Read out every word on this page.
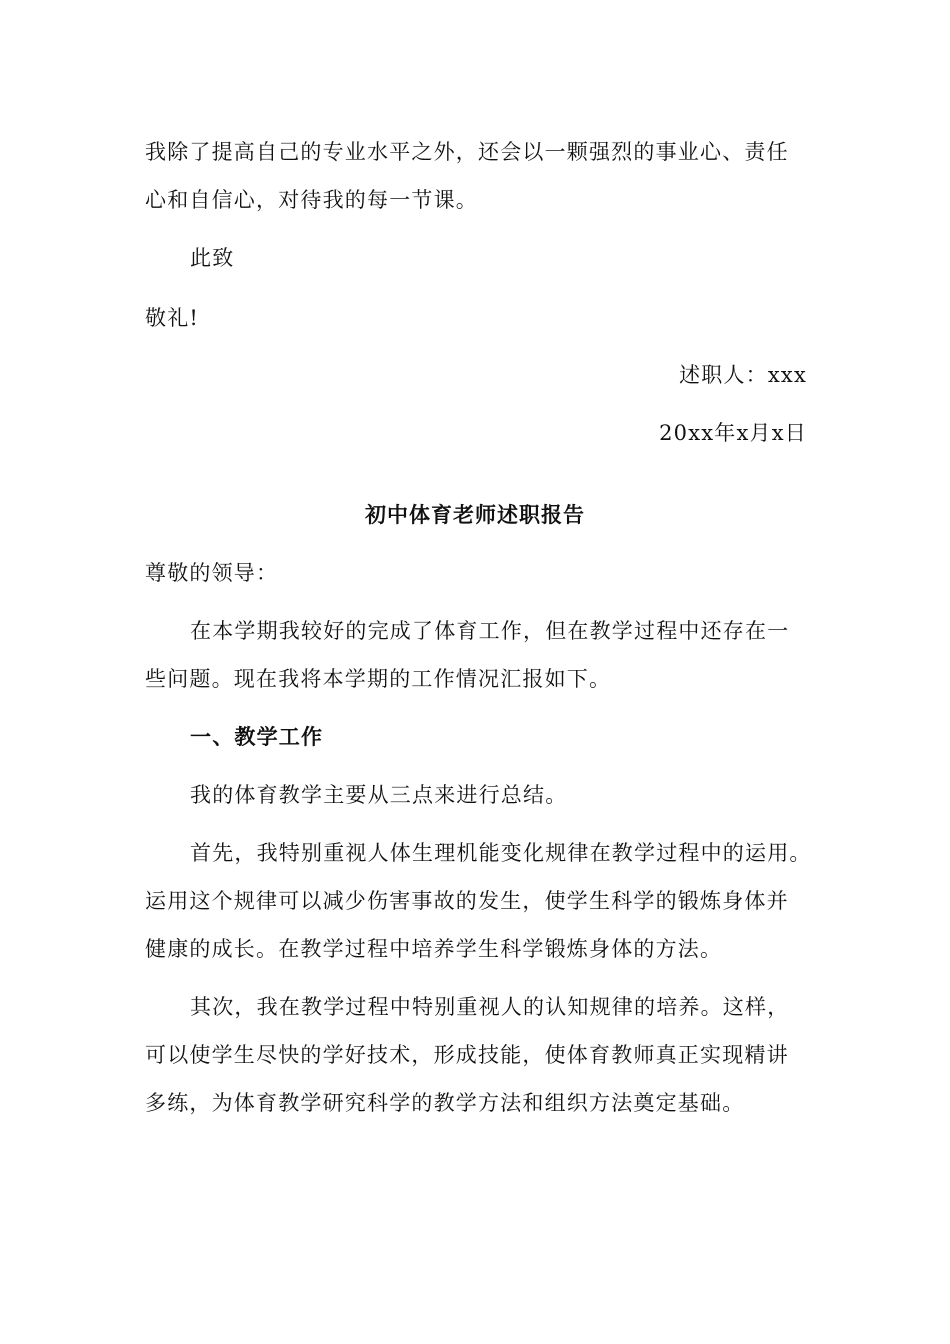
我除了提高自己的专业水平之外，还会以一颗强烈的事业心、责任
心和自信心，对待我的每一节课。
此致
敬礼!
述职人：xxx
20xx年x月x日
初中体育老师述职报告
尊敬的领导：
在本学期我较好的完成了体育工作，但在教学过程中还存在一
些问题。现在我将本学期的工作情况汇报如下。
一、教学工作
我的体育教学主要从三点来进行总结。
首先，我特别重视人体生理机能变化规律在教学过程中的运用。
运用这个规律可以减少伤害事故的发生，使学生科学的锻炼身体并
健康的成长。在教学过程中培养学生科学锻炼身体的方法。
其次，我在教学过程中特别重视人的认知规律的培养。这样，
可以使学生尽快的学好技术，形成技能，使体育教师真正实现精讲
多练，为体育教学研究科学的教学方法和组织方法奠定基础。
